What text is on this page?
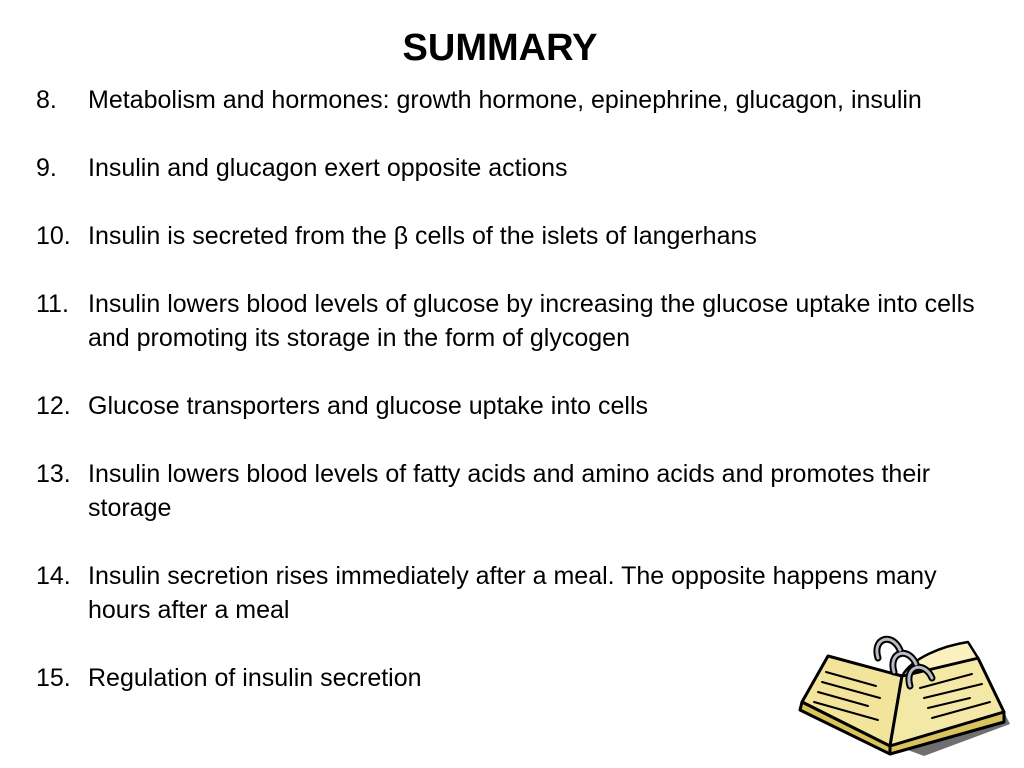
SUMMARY
8.	Metabolism and hormones: growth hormone, epinephrine, glucagon, insulin
9.	Insulin and glucagon exert opposite actions
10. Insulin is secreted from the β cells of the islets of langerhans
11. Insulin lowers blood levels of glucose by increasing the glucose uptake into cells and promoting its storage in the form of glycogen
12. Glucose transporters and glucose uptake into cells
13. Insulin lowers blood levels of fatty acids and amino acids and promotes their storage
14. Insulin secretion rises immediately after a meal. The opposite happens many hours after a meal
15. Regulation of insulin secretion
